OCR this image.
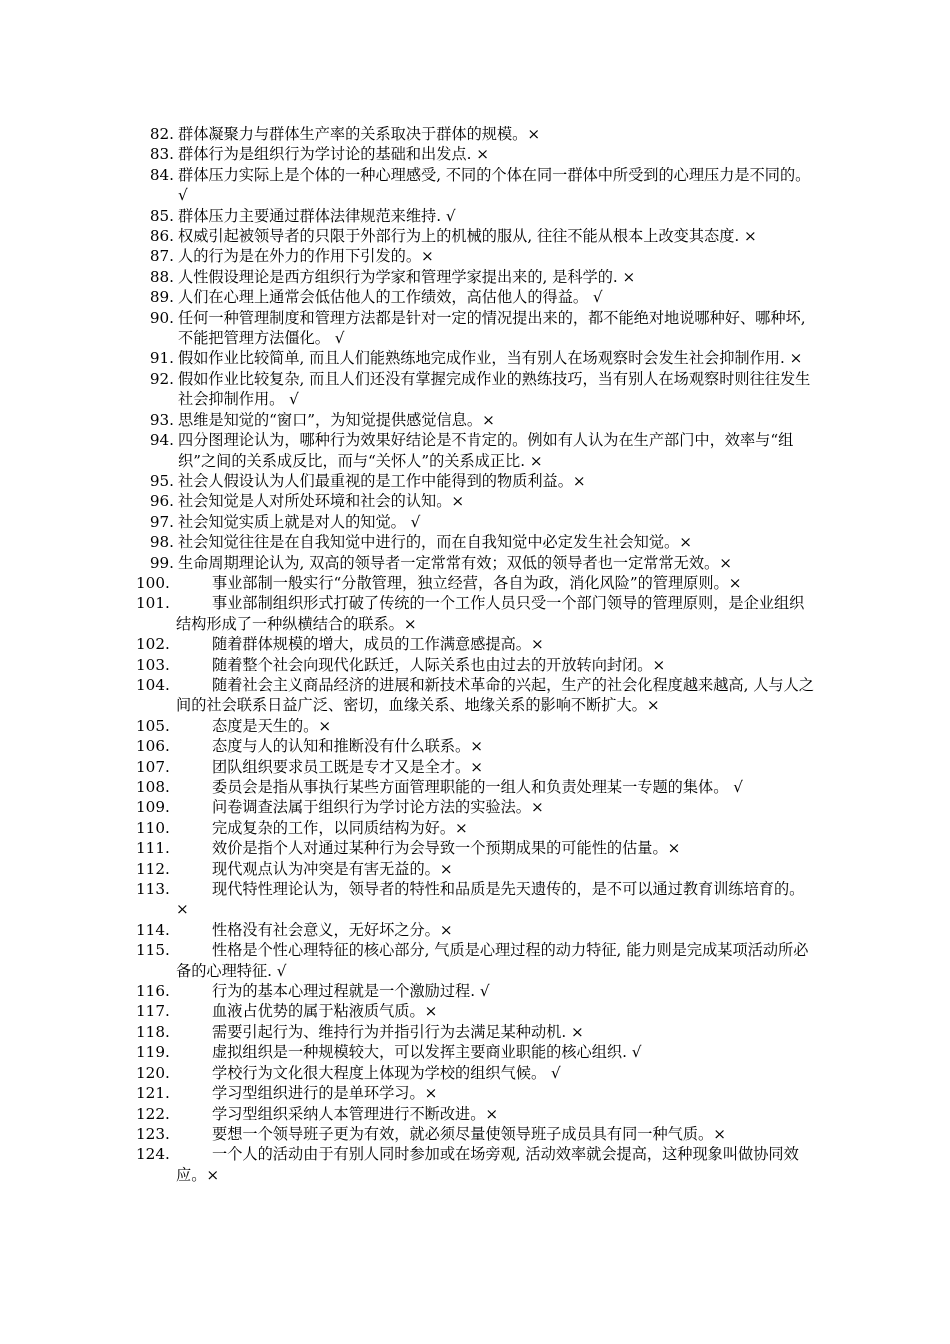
82. 群体凝聚力与群体生产率的关系取决于群体的规模。×
83. 群体行为是组织行为学讨论的基础和出发点. ×
84. 群体压力实际上是个体的一种心理感受, 不同的个体在同一群体中所受到的心理压力是不同的。 √
85. 群体压力主要通过群体法律规范来维持. √
86. 权威引起被领导者的只限于外部行为上的机械的服从, 往往不能从根本上改变其态度. ×
87. 人的行为是在外力的作用下引发的。×
88. 人性假设理论是西方组织行为学家和管理学家提出来的, 是科学的. ×
89. 人们在心理上通常会低估他人的工作绩效，高估他人的得益。 √
90. 任何一种管理制度和管理方法都是针对一定的情况提出来的，都不能绝对地说哪种好、哪种坏, 不能把管理方法僵化。 √
91. 假如作业比较简单, 而且人们能熟练地完成作业，当有别人在场观察时会发生社会抑制作用. ×
92. 假如作业比较复杂, 而且人们还没有掌握完成作业的熟练技巧，当有别人在场观察时则往往发生社会抑制作用。 √
93. 思维是知觉的“窗口”，为知觉提供感觉信息。×
94. 四分图理论认为，哪种行为效果好结论是不肯定的。例如有人认为在生产部门中，效率与“组织”之间的关系成反比，而与“关怀人”的关系成正比. ×
95. 社会人假设认为人们最重视的是工作中能得到的物质利益。×
96. 社会知觉是人对所处环境和社会的认知。×
97. 社会知觉实质上就是对人的知觉。 √
98. 社会知觉往往是在自我知觉中进行的，而在自我知觉中必定发生社会知觉。×
99. 生命周期理论认为, 双高的领导者一定常常有效；双低的领导者也一定常常无效。×
100.	事业部制一般实行“分散管理，独立经营，各自为政，消化风险”的管理原则。×
101.	事业部制组织形式打破了传统的一个工作人员只受一个部门领导的管理原则，是企业组织结构形成了一种纵横结合的联系。×
102.	随着群体规模的增大，成员的工作满意感提高。×
103.	随着整个社会向现代化跃迁，人际关系也由过去的开放转向封闭。×
104.	随着社会主义商品经济的进展和新技术革命的兴起，生产的社会化程度越来越高, 人与人之间的社会联系日益广泛、密切，血缘关系、地缘关系的影响不断扩大。×
105.	态度是天生的。×
106.	态度与人的认知和推断没有什么联系。×
107.	团队组织要求员工既是专才又是全才。×
108.	委员会是指从事执行某些方面管理职能的一组人和负责处理某一专题的集体。 √
109.	问卷调查法属于组织行为学讨论方法的实验法。×
110.	完成复杂的工作，以同质结构为好。×
111.	效价是指个人对通过某种行为会导致一个预期成果的可能性的估量。×
112.	现代观点认为冲突是有害无益的。×
113.	现代特性理论认为，领导者的特性和品质是先天遗传的，是不可以通过教育训练培育的。×
114.	性格没有社会意义，无好坏之分。×
115.	性格是个性心理特征的核心部分, 气质是心理过程的动力特征, 能力则是完成某项活动所必备的心理特征. √
116.	行为的基本心理过程就是一个激励过程. √
117.	血液占优势的属于粘液质气质。×
118.	需要引起行为、维持行为并指引行为去满足某种动机. ×
119.	虚拟组织是一种规模较大，可以发挥主要商业职能的核心组织. √
120.	学校行为文化很大程度上体现为学校的组织气候。 √
121.	学习型组织进行的是单环学习。×
122.	学习型组织采纳人本管理进行不断改进。×
123.	要想一个领导班子更为有效，就必须尽量使领导班子成员具有同一种气质。×
124.	一个人的活动由于有别人同时参加或在场旁观, 活动效率就会提高，这种现象叫做协同效应。×
